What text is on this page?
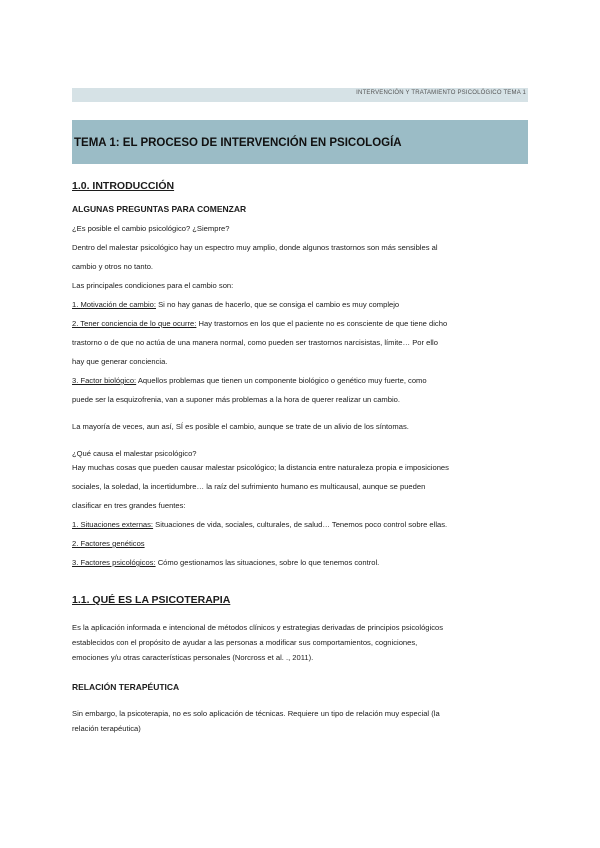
INTERVENCIÓN Y TRATAMIENTO PSICOLÓGICO TEMA 1
TEMA 1: EL PROCESO DE INTERVENCIÓN EN PSICOLOGÍA

1.0. INTRODUCCIÓN

ALGUNAS PREGUNTAS PARA COMENZAR

¿Es posible el cambio psicológico? ¿Siempre?

Dentro del malestar psicológico hay un espectro muy amplio, donde algunos trastornos son más sensibles al

cambio y otros no tanto.

Las principales condiciones para el cambio son:

1. Motivación de cambio: Si no hay ganas de hacerlo, que se consiga el cambio es muy complejo

2. Tener conciencia de lo que ocurre: Hay trastornos en los que el paciente no es consciente de que tiene dicho

trastorno o de que no actúa de una manera normal, como pueden ser trastornos narcisistas, límite… Por ello

hay que generar conciencia.

3. Factor biológico: Aquellos problemas que tienen un componente biológico o genético muy fuerte, como

puede ser la esquizofrenia, van a suponer más problemas a la hora de querer realizar un cambio.

La mayoría de veces, aun así, SÍ es posible el cambio, aunque se trate de un alivio de los síntomas.

¿Qué causa el malestar psicológico?

Hay muchas cosas que pueden causar malestar psicológico; la distancia entre naturaleza propia e imposiciones

sociales, la soledad, la incertidumbre… la raíz del sufrimiento humano es multicausal, aunque se pueden

clasificar en tres grandes fuentes:

1. Situaciones externas: Situaciones de vida, sociales, culturales, de salud… Tenemos poco control sobre ellas.

2. Factores genéticos

3. Factores psicológicos: Cómo gestionamos las situaciones, sobre lo que tenemos control.

1.1. QUÉ ES LA PSICOTERAPIA

Es la aplicación informada e intencional de métodos clínicos y estrategias derivadas de principios psicológicos

establecidos con el propósito de ayudar a las personas a modificar sus comportamientos, cogniciones,

emociones y/u otras características personales (Norcross et al. ., 2011).

RELACIÓN TERAPÉUTICA

Sin embargo, la psicoterapia, no es solo aplicación de técnicas. Requiere un tipo de relación muy especial (la

relación terapéutica)
